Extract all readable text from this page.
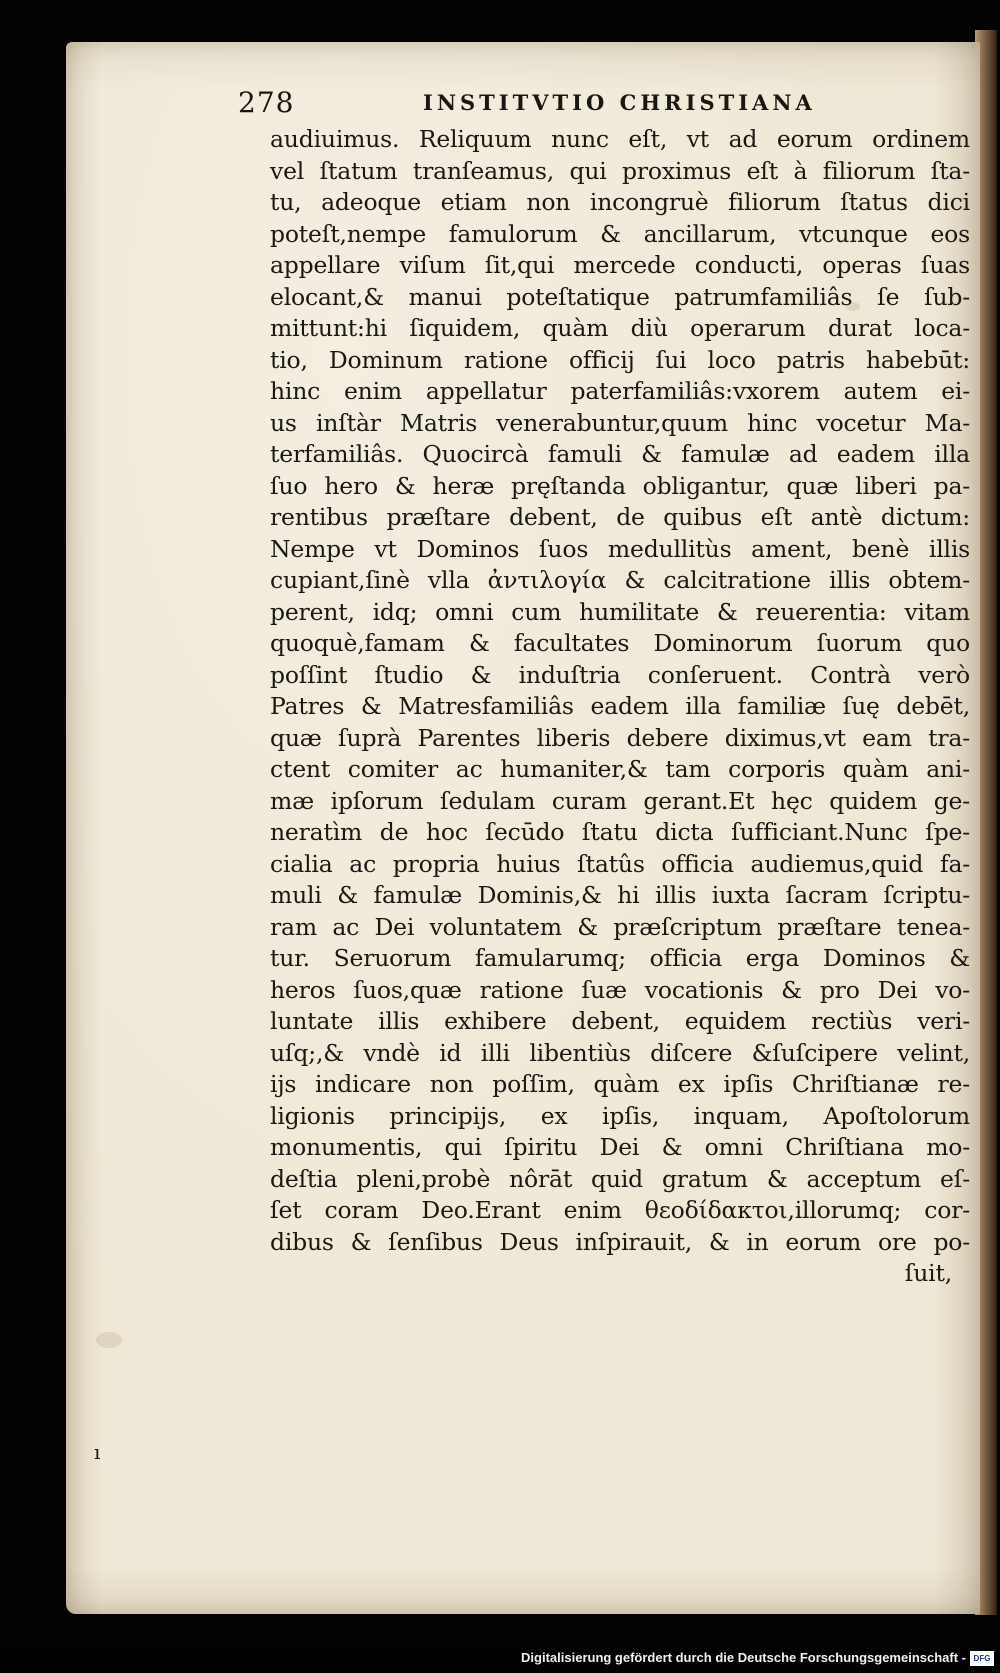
278	INSTITVTIO CHRISTIANA
audiuimus. Reliquum nunc eſt, vt ad eorum ordinem
vel ſtatum tranſeamus, qui proximus eſt à filiorum ſta-
tu, adeoque etiam non incongruè filiorum ſtatus dici
poteſt,nempe famulorum & ancillarum, vtcunque eos
appellare viſum ſit,qui mercede conducti, operas ſuas
elocant,& manui poteſtatique patrumfamiliâs ſe ſub-
mittunt:hi ſiquidem, quàm diù operarum durat loca-
tio, Dominum ratione officij ſui loco patris habebūt:
hinc enim appellatur paterfamiliâs:vxorem autem ei-
us inſtàr Matris venerabuntur,quum hinc vocetur Ma-
terfamiliâs. Quocircà famuli & famulæ ad eadem illa
ſuo hero & heræ pręſtanda obligantur, quæ liberi pa-
rentibus præſtare debent, de quibus eſt antè dictum:
Nempe vt Dominos ſuos medullitùs ament, benè illis
cupiant,ſinè vlla ἀντιλογία & calcitratione illis obtem-
perent, idq; omni cum humilitate & reuerentia: vitam
quoquè,famam & facultates Dominorum ſuorum quo
poſſint ſtudio & induſtria conſeruent. Contrà verò
Patres & Matresfamiliâs eadem illa familiæ ſuę debēt,
quæ ſuprà Parentes liberis debere diximus,vt eam tra-
ctent comiter ac humaniter,& tam corporis quàm ani-
mæ ipſorum ſedulam curam gerant.Et hęc quidem ge-
neratìm de hoc ſecūdo ſtatu dicta ſufficiant.Nunc ſpe-
cialia ac propria huius ſtatûs officia audiemus,quid fa-
muli & famulæ Dominis,& hi illis iuxta ſacram ſcriptu-
ram ac Dei voluntatem & præſcriptum præſtare tenea-
tur. Seruorum famularumq; officia erga Dominos &
heros ſuos,quæ ratione ſuæ vocationis & pro Dei vo-
luntate illis exhibere debent, equidem rectiùs veri-
uſq;,& vndè id illi libentiùs diſcere &ſuſcipere velint,
ijs indicare non poſſim, quàm ex ipſis Chriſtianæ re-
ligionis principijs, ex ipſis, inquam, Apoſtolorum
monumentis, qui ſpiritu Dei & omni Chriſtiana mo-
deſtia pleni,probè nôrāt quid gratum & acceptum eſ-
ſet coram Deo.Erant enim θεοδίδακτοι,illorumq; cor-
dibus & ſenſibus Deus inſpirauit, & in eorum ore po-
ſuit,
ı
Digitalisierung gefördert durch die Deutsche Forschungsgemeinschaft - DFG
